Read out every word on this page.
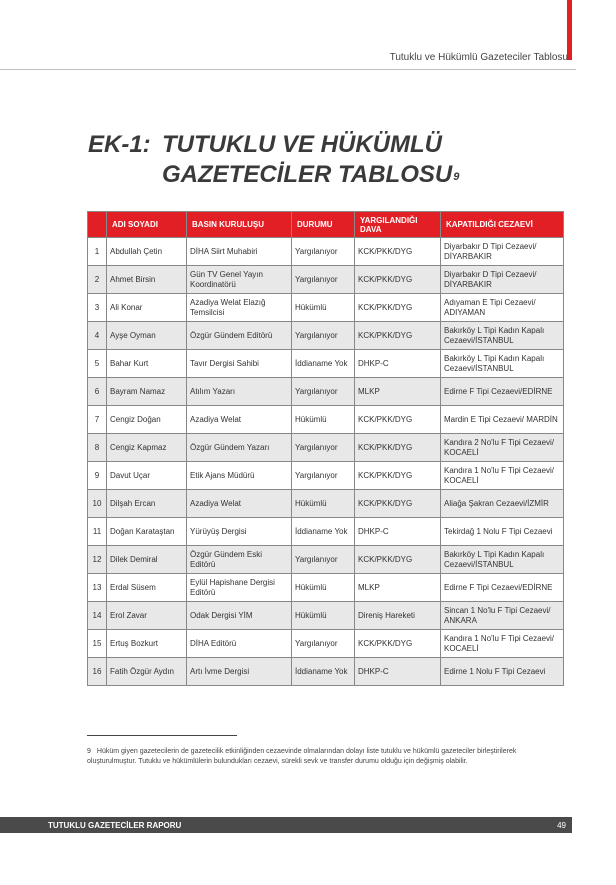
Tutuklu ve Hükümlü Gazeteciler Tablosu
EK-1: TUTUKLU VE HÜKÜMLÜ
GAZETECİLER TABLOSU$^9$
	ADI SOYADI	BASIN KURULUŞU	DURUMU	YARGILANDIĞI DAVA	KAPATILDIĞI CEZAEVİ
1	Abdullah Çetin	DİHA Siirt Muhabiri	Yargılanıyor	KCK/PKK/DYG	Diyarbakır D Tipi Cezaevi/ DİYARBAKIR
2	Ahmet Birsin	Gün TV Genel Yayın Koordinatörü	Yargılanıyor	KCK/PKK/DYG	Diyarbakır D Tipi Cezaevi/ DİYARBAKIR
3	Ali Konar	Azadiya Welat Elazığ Temsilcisi	Hükümlü	KCK/PKK/DYG	Adıyaman E Tipi Cezaevi/ ADIYAMAN
4	Ayşe Oyman	Özgür Gündem Editörü	Yargılanıyor	KCK/PKK/DYG	Bakırköy L Tipi Kadın Kapalı Cezaevi/İSTANBUL
5	Bahar Kurt	Tavır Dergisi Sahibi	İddianame Yok	DHKP-C	Bakırköy L Tipi Kadın Kapalı Cezaevi/İSTANBUL
6	Bayram Namaz	Atılım Yazarı	Yargılanıyor	MLKP	Edirne F Tipi Cezaevi/EDİRNE
7	Cengiz Doğan	Azadiya Welat	Hükümlü	KCK/PKK/DYG	Mardin E Tipi Cezaevi/ MARDİN
8	Cengiz Kapmaz	Özgür Gündem Yazarı	Yargılanıyor	KCK/PKK/DYG	Kandıra 2 No'lu F Tipi Cezaevi/ KOCAELİ
9	Davut Uçar	Etik Ajans Müdürü	Yargılanıyor	KCK/PKK/DYG	Kandıra 1 No'lu F Tipi Cezaevi/ KOCAELİ
10	Dilşah Ercan	Azadiya Welat	Hükümlü	KCK/PKK/DYG	Aliağa Şakran Cezaevi/İZMİR
11	Doğan Karataştan	Yürüyüş Dergisi	İddianame Yok	DHKP-C	Tekirdağ 1 Nolu F Tipi Cezaevi
12	Dilek Demiral	Özgür Gündem Eski Editörü	Yargılanıyor	KCK/PKK/DYG	Bakırköy L Tipi Kadın Kapalı Cezaevi/İSTANBUL
13	Erdal Süsem	Eylül Hapishane Dergisi Editörü	Hükümlü	MLKP	Edirne F Tipi Cezaevi/EDİRNE
14	Erol Zavar	Odak Dergisi YİM	Hükümlü	Direniş Hareketi	Sincan 1 No'lu F Tipi Cezaevi/ ANKARA
15	Ertuş Bozkurt	DİHA Editörü	Yargılanıyor	KCK/PKK/DYG	Kandıra 1 No'lu F Tipi Cezaevi/ KOCAELİ
16	Fatih Özgür Aydın	Artı İvme Dergisi	İddianame Yok	DHKP-C	Edirne 1 Nolu F Tipi Cezaevi
9 Hüküm giyen gazetecilerin de gazetecilik etkinliğinden cezaevinde olmalarından dolayı liste tutuklu ve hükümlü gazeteciler birleştirilerek oluşturulmuştur. Tutuklu ve hükümlülerin bulundukları cezaevi, sürekli sevk ve transfer durumu olduğu için değişmiş olabilir.
TUTUKLU GAZETECİLER RAPORU	49
